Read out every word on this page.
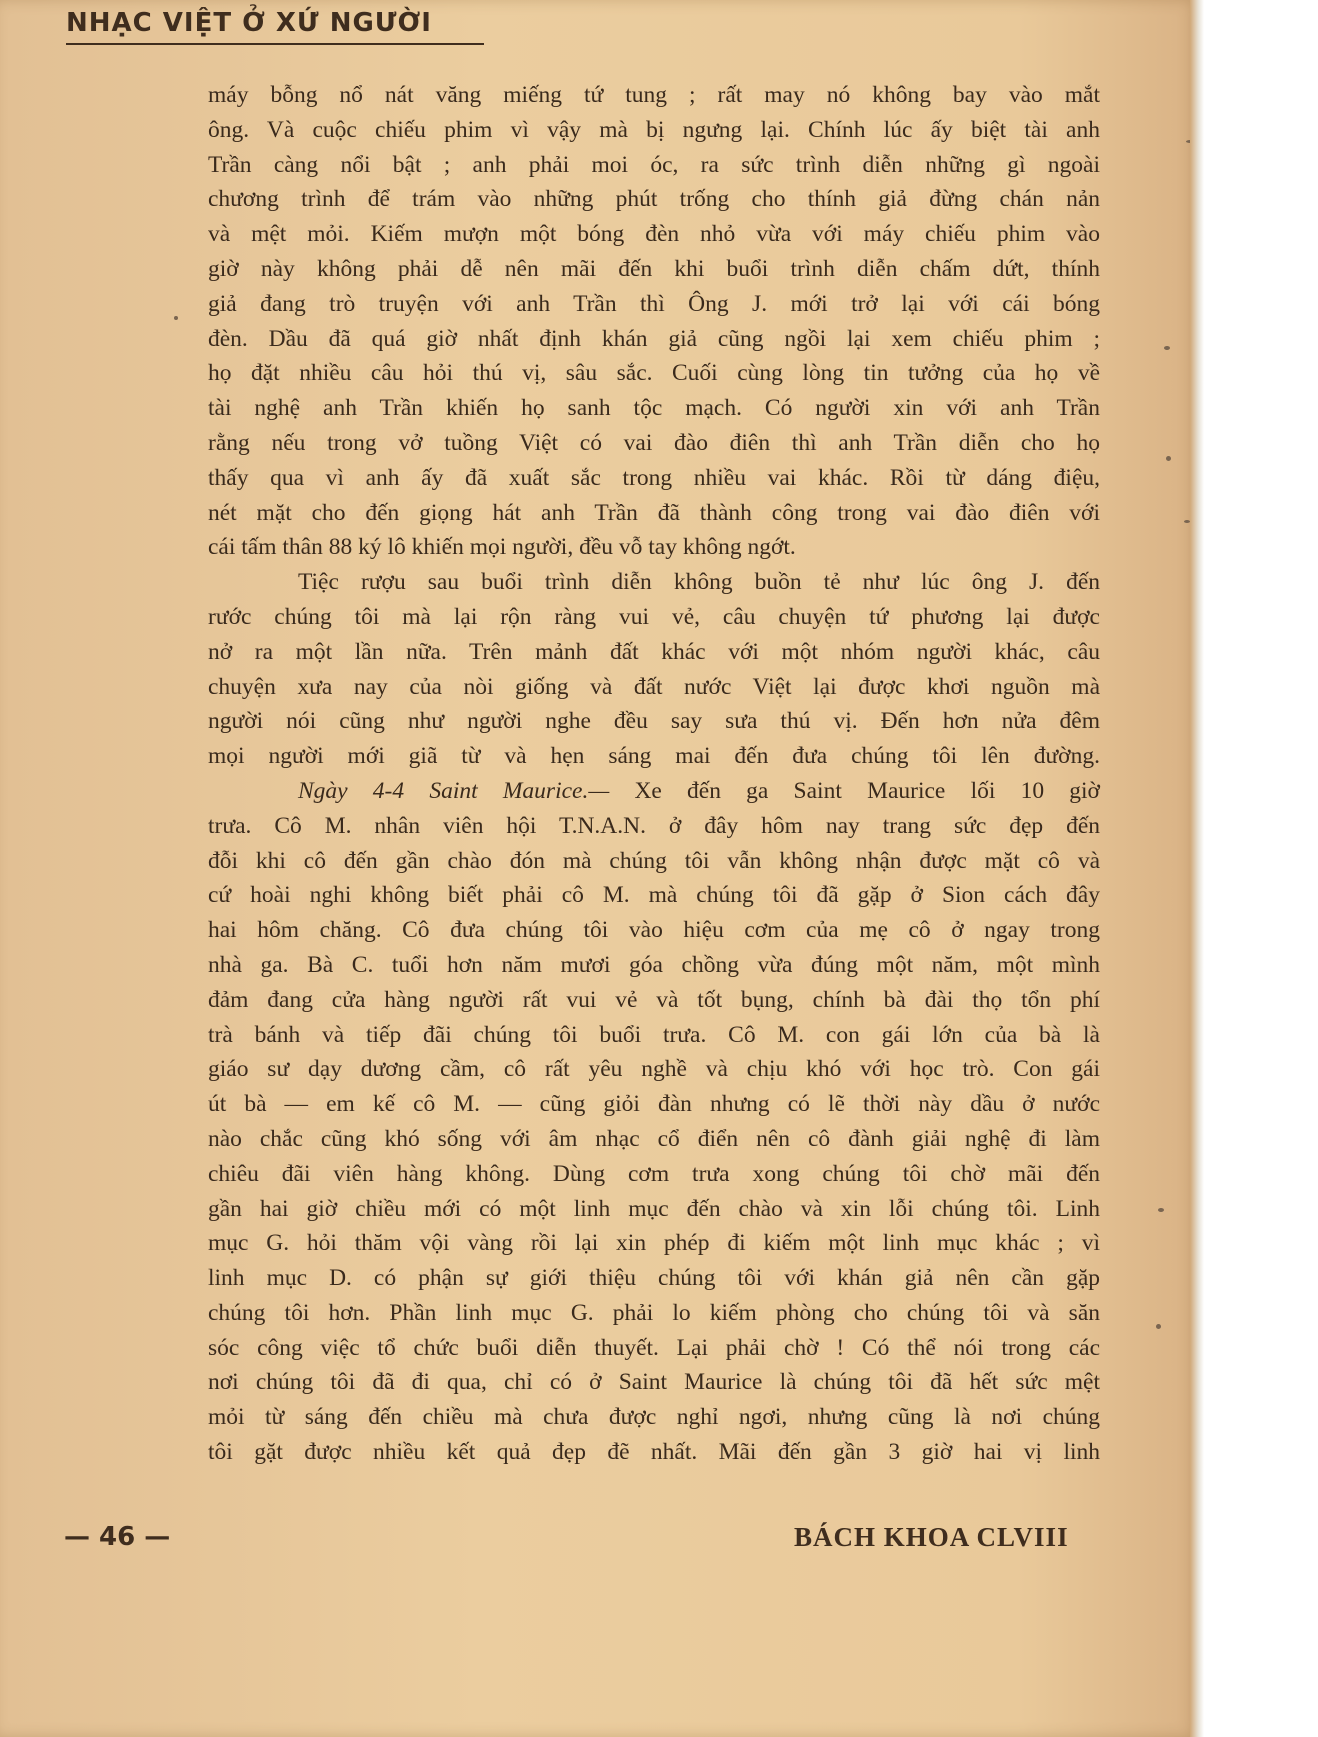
NHẠC VIỆT Ở XỨ NGƯỜI
máy bỗng nổ nát văng miếng tứ tung ; rất may nó không bay vào mắt
ông. Và cuộc chiếu phim vì vậy mà bị ngưng lại. Chính lúc ấy biệt tài anh
Trần càng nổi bật ; anh phải moi óc, ra sức trình diễn những gì ngoài
chương trình để trám vào những phút trống cho thính giả đừng chán nản
và mệt mỏi. Kiếm mượn một bóng đèn nhỏ vừa với máy chiếu phim vào
giờ này không phải dễ nên mãi đến khi buổi trình diễn chấm dứt, thính
giả đang trò truyện với anh Trần thì Ông J. mới trở lại với cái bóng
đèn. Dầu đã quá giờ nhất định khán giả cũng ngồi lại xem chiếu phim ;
họ đặt nhiều câu hỏi thú vị, sâu sắc. Cuối cùng lòng tin tưởng của họ về
tài nghệ anh Trần khiến họ sanh tộc mạch. Có người xin với anh Trần
rằng nếu trong vở tuồng Việt có vai đào điên thì anh Trần diễn cho họ
thấy qua vì anh ấy đã xuất sắc trong nhiều vai khác. Rồi từ dáng điệu,
nét mặt cho đến giọng hát anh Trần đã thành công trong vai đào điên với
cái tấm thân 88 ký lô khiến mọi người, đều vỗ tay không ngớt.
Tiệc rượu sau buổi trình diễn không buồn tẻ như lúc ông J. đến
rước chúng tôi mà lại rộn ràng vui vẻ, câu chuyện tứ phương lại được
nở ra một lần nữa. Trên mảnh đất khác với một nhóm người khác, câu
chuyện xưa nay của nòi giống và đất nước Việt lại được khơi nguồn mà
người nói cũng như người nghe đều say sưa thú vị. Đến hơn nửa đêm
mọi người mới giã từ và hẹn sáng mai đến đưa chúng tôi lên đường.
Ngày 4-4 Saint Maurice.— Xe đến ga Saint Maurice lối 10 giờ
trưa. Cô M. nhân viên hội T.N.A.N. ở đây hôm nay trang sức đẹp đến
đỗi khi cô đến gần chào đón mà chúng tôi vẫn không nhận được mặt cô và
cứ hoài nghi không biết phải cô M. mà chúng tôi đã gặp ở Sion cách đây
hai hôm chăng. Cô đưa chúng tôi vào hiệu cơm của mẹ cô ở ngay trong
nhà ga. Bà C. tuổi hơn năm mươi góa chồng vừa đúng một năm, một mình
đảm đang cửa hàng người rất vui vẻ và tốt bụng, chính bà đài thọ tổn phí
trà bánh và tiếp đãi chúng tôi buổi trưa. Cô M. con gái lớn của bà là
giáo sư dạy dương cầm, cô rất yêu nghề và chịu khó với học trò. Con gái
út bà — em kế cô M. — cũng giỏi đàn nhưng có lẽ thời này dầu ở nước
nào chắc cũng khó sống với âm nhạc cổ điển nên cô đành giải nghệ đi làm
chiêu đãi viên hàng không. Dùng cơm trưa xong chúng tôi chờ mãi đến
gần hai giờ chiều mới có một linh mục đến chào và xin lỗi chúng tôi. Linh
mục G. hỏi thăm vội vàng rồi lại xin phép đi kiếm một linh mục khác ; vì
linh mục D. có phận sự giới thiệu chúng tôi với khán giả nên cần gặp
chúng tôi hơn. Phần linh mục G. phải lo kiếm phòng cho chúng tôi và săn
sóc công việc tổ chức buổi diễn thuyết. Lại phải chờ ! Có thể nói trong các
nơi chúng tôi đã đi qua, chỉ có ở Saint Maurice là chúng tôi đã hết sức mệt
mỏi từ sáng đến chiều mà chưa được nghỉ ngơi, nhưng cũng là nơi chúng
tôi gặt được nhiều kết quả đẹp đẽ nhất. Mãi đến gần 3 giờ hai vị linh
— 46 —	BÁCH KHOA CLVIII
